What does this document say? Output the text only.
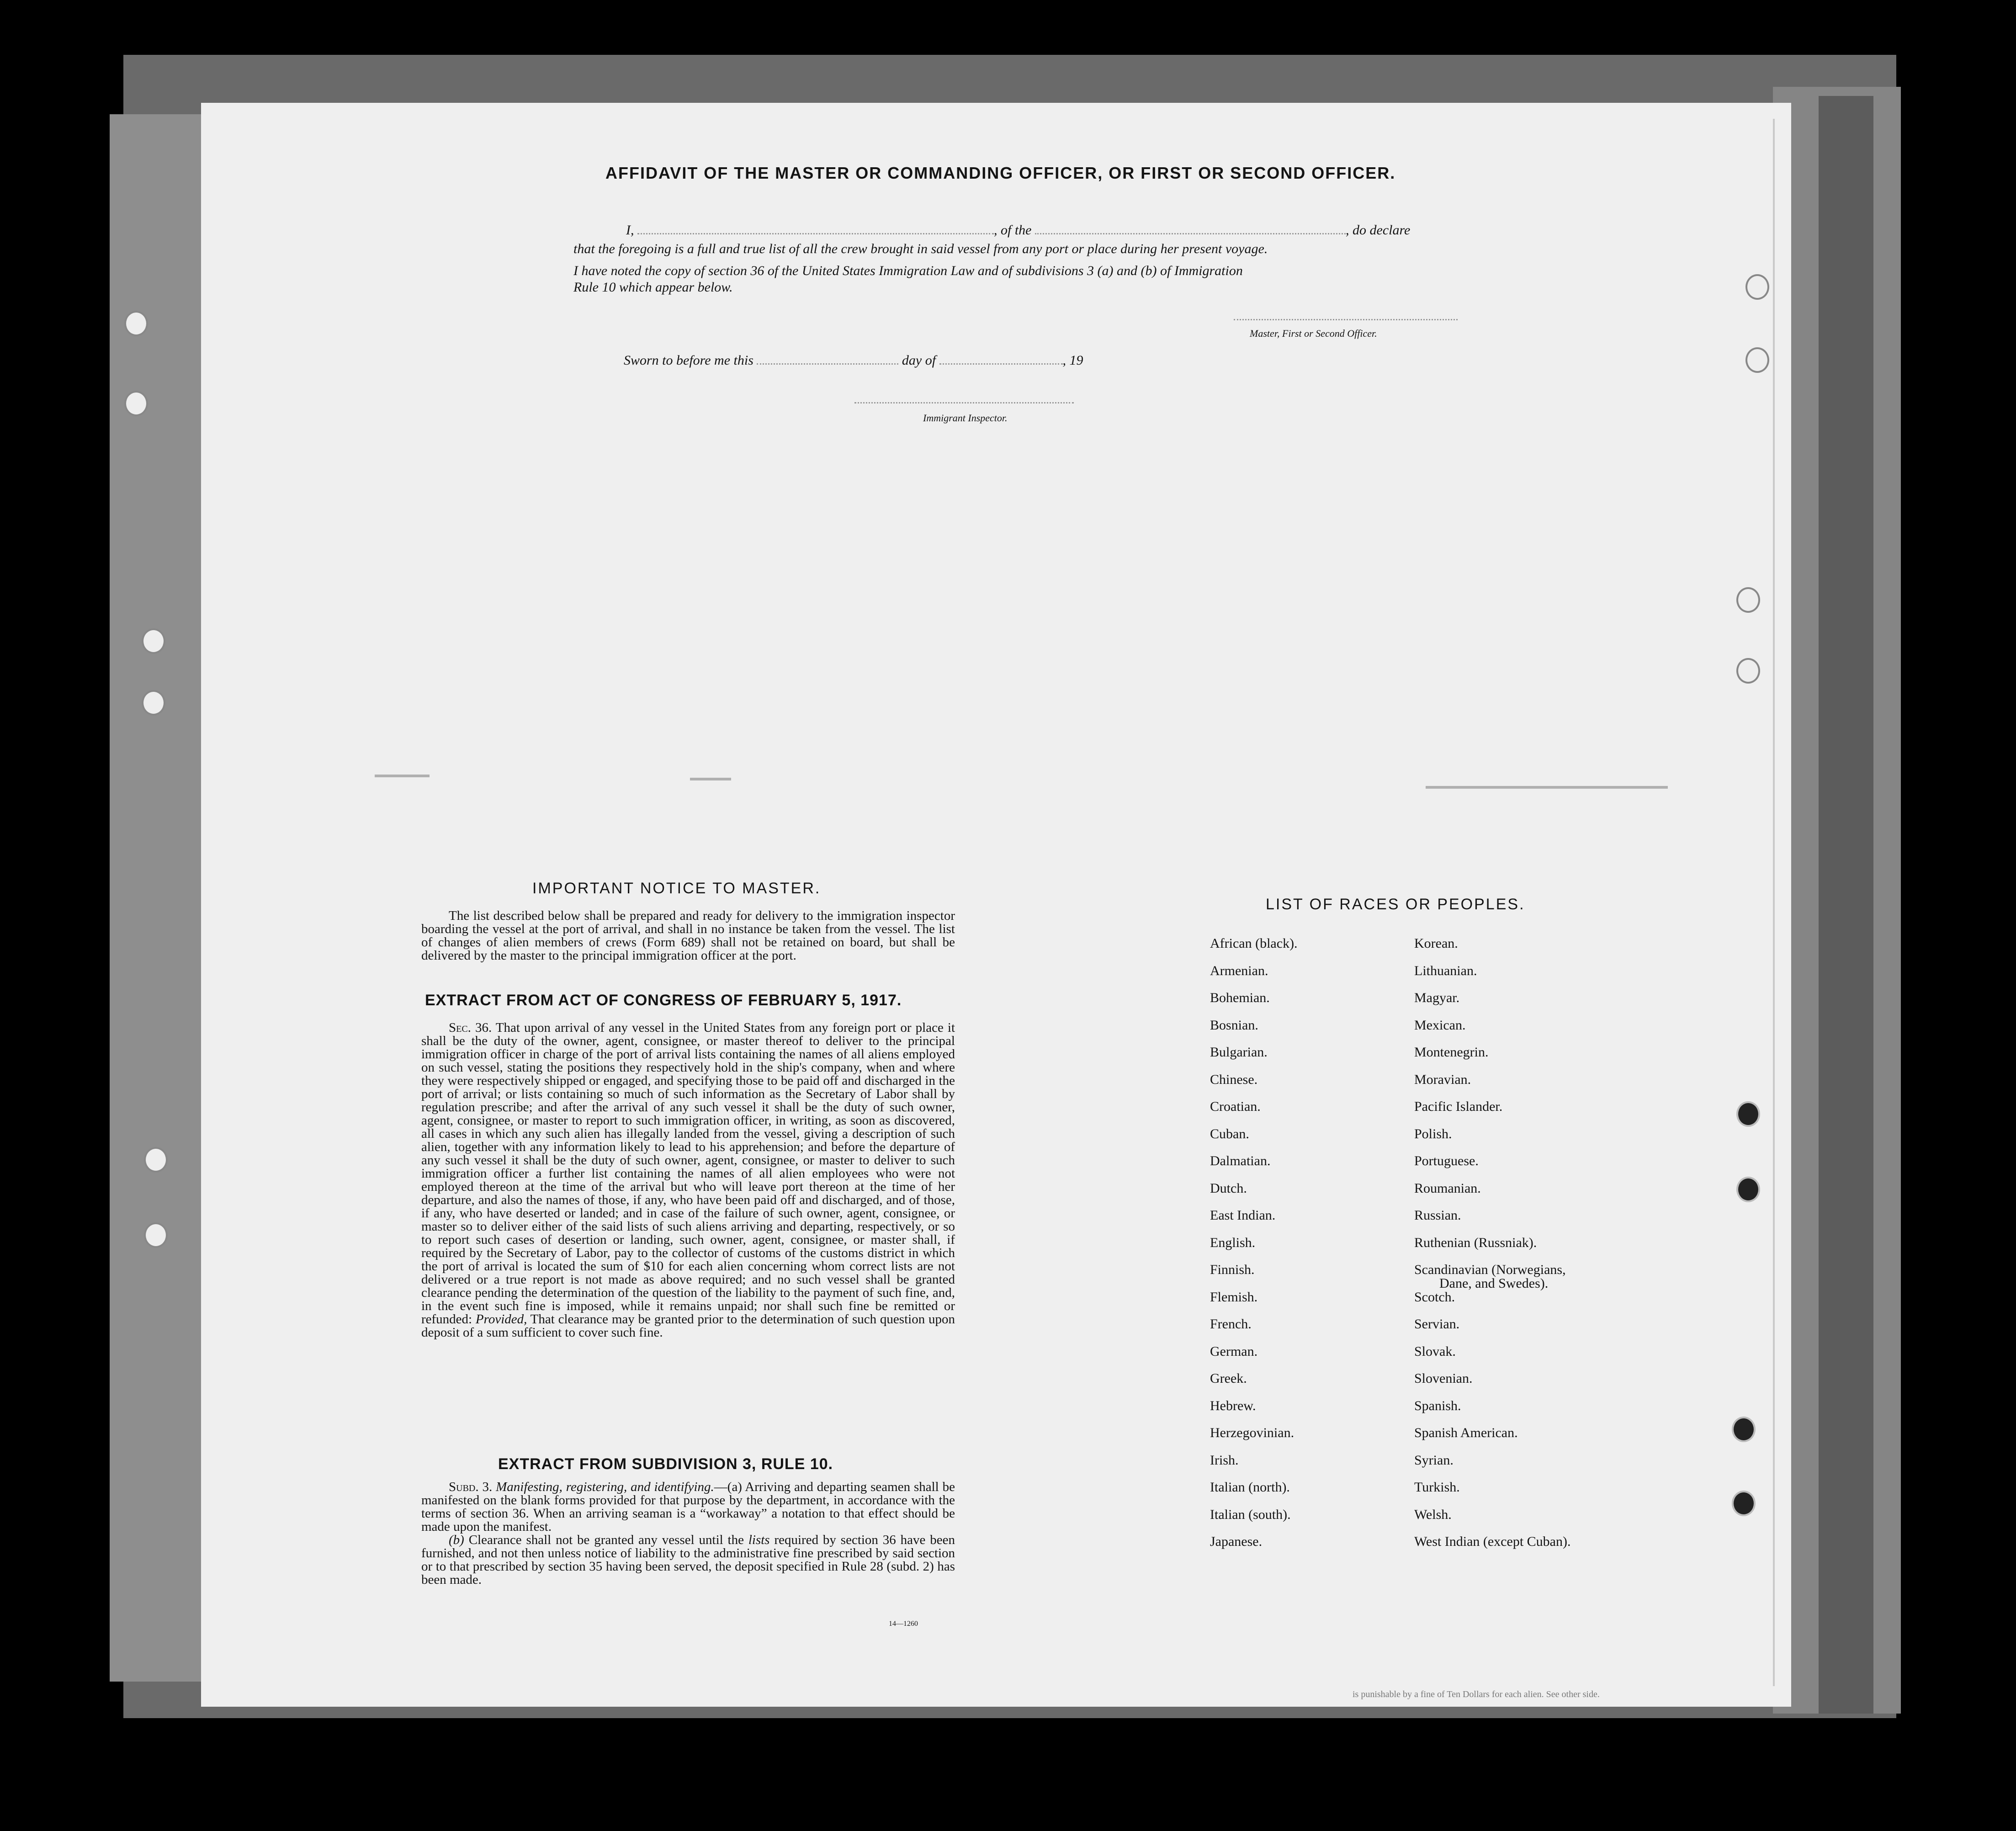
AFFIDAVIT OF THE MASTER OR COMMANDING OFFICER, OR FIRST OR SECOND OFFICER.
I,	, of the	, do declare
that the foregoing is a full and true list of all the crew brought in said vessel from any port or place during her present voyage.
I have noted the copy of section 36 of the United States Immigration Law and of subdivisions 3 (a) and (b) of Immigration
Rule 10 which appear below.
Master, First or Second Officer.
Sworn to before me this	day of	, 19
Immigrant Inspector.
IMPORTANT NOTICE TO MASTER.

The list described below shall be prepared and ready for delivery to the immigration inspector boarding the vessel at the port of arrival, and shall in no instance be taken from the vessel. The list of changes of alien members of crews (Form 689) shall not be retained on board, but shall be delivered by the master to the principal immigration officer at the port.

EXTRACT FROM ACT OF CONGRESS OF FEBRUARY 5, 1917.

Sec. 36. That upon arrival of any vessel in the United States from any foreign port or place it shall be the duty of the owner, agent, consignee, or master thereof to deliver to the principal immigration officer in charge of the port of arrival lists containing the names of all aliens employed on such vessel, stating the positions they respectively hold in the ship's company, when and where they were respectively shipped or engaged, and specifying those to be paid off and discharged in the port of arrival; or lists containing so much of such information as the Secretary of Labor shall by regulation prescribe; and after the arrival of any such vessel it shall be the duty of such owner, agent, consignee, or master to report to such immigration officer, in writing, as soon as discovered, all cases in which any such alien has illegally landed from the vessel, giving a description of such alien, together with any information likely to lead to his apprehension; and before the departure of any such vessel it shall be the duty of such owner, agent, consignee, or master to deliver to such immigration officer a further list containing the names of all alien employees who were not employed thereon at the time of the arrival but who will leave port thereon at the time of her departure, and also the names of those, if any, who have been paid off and discharged, and of those, if any, who have deserted or landed; and in case of the failure of such owner, agent, consignee, or master so to deliver either of the said lists of such aliens arriving and departing, respectively, or so to report such cases of desertion or landing, such owner, agent, consignee, or master shall, if required by the Secretary of Labor, pay to the collector of customs of the customs district in which the port of arrival is located the sum of $10 for each alien concerning whom correct lists are not delivered or a true report is not made as above required; and no such vessel shall be granted clearance pending the determination of the question of the liability to the payment of such fine, and, in the event such fine is imposed, while it remains unpaid; nor shall such fine be remitted or refunded: Provided, That clearance may be granted prior to the determination of such question upon deposit of a sum sufficient to cover such fine.

EXTRACT FROM SUBDIVISION 3, RULE 10.

Subd. 3. Manifesting, registering, and identifying.—(a) Arriving and departing seamen shall be manifested on the blank forms provided for that purpose by the department, in accordance with the terms of section 36. When an arriving seaman is a “workaway” a notation to that effect should be made upon the manifest.

(b) Clearance shall not be granted any vessel until the lists required by section 36 have been furnished, and not then unless notice of liability to the administrative fine prescribed by said section or to that prescribed by section 35 having been served, the deposit specified in Rule 28 (subd. 2) has been made.

14—1260
LIST OF RACES OR PEOPLES.
African (black).
Armenian.
Bohemian.
Bosnian.
Bulgarian.
Chinese.
Croatian.
Cuban.
Dalmatian.
Dutch.
East Indian.
English.
Finnish.
Flemish.
French.
German.
Greek.
Hebrew.
Herzegovinian.
Irish.
Italian (north).
Italian (south).
Japanese.
Korean.
Lithuanian.
Magyar.
Mexican.
Montenegrin.
Moravian.
Pacific Islander.
Polish.
Portuguese.
Roumanian.
Russian.
Ruthenian (Russniak).
Scandinavian (Norwegians,
Dane, and Swedes).
Scotch.
Servian.
Slovak.
Slovenian.
Spanish.
Spanish American.
Syrian.
Turkish.
Welsh.
West Indian (except Cuban).
is punishable by a fine of Ten Dollars for each alien. See other side.
